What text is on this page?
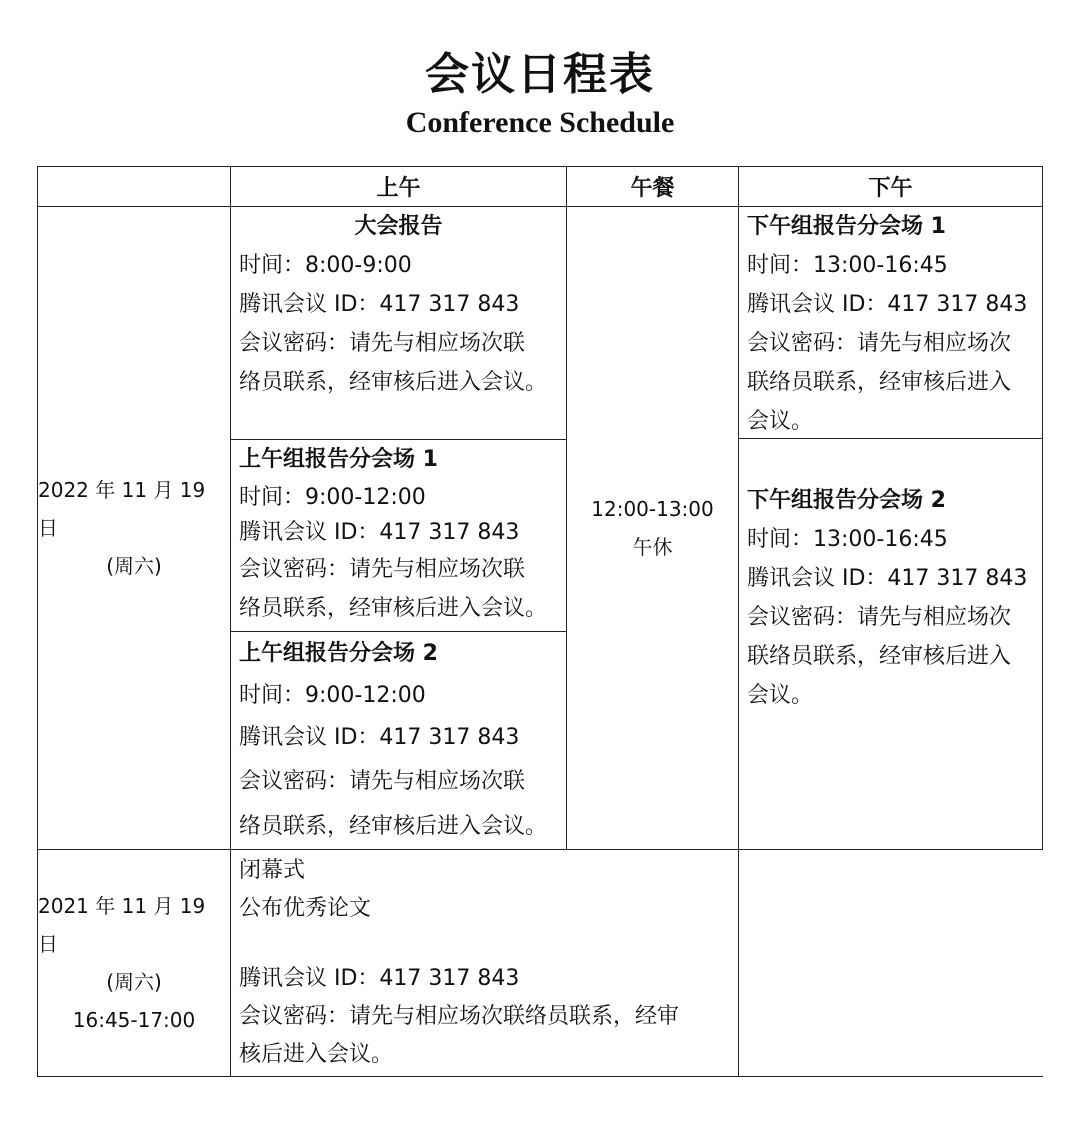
会议日程表
Conference Schedule
上午	午餐	下午
2022 年 11 月 19 日
(周六)
大会报告
时间：8:00-9:00
腾讯会议 ID：417 317 843
会议密码：请先与相应场次联
络员联系，经审核后进入会议。
上午组报告分会场 1
时间：9:00-12:00
腾讯会议 ID：417 317 843
会议密码：请先与相应场次联
络员联系，经审核后进入会议。
上午组报告分会场 2
时间：9:00-12:00
腾讯会议 ID：417 317 843
会议密码：请先与相应场次联
络员联系，经审核后进入会议。
12:00-13:00
午休
下午组报告分会场 1
时间：13:00-16:45
腾讯会议 ID：417 317 843
会议密码：请先与相应场次
联络员联系，经审核后进入
会议。
下午组报告分会场 2
时间：13:00-16:45
腾讯会议 ID：417 317 843
会议密码：请先与相应场次
联络员联系，经审核后进入
会议。
2021 年 11 月 19 日
(周六)
16:45-17:00
闭幕式
公布优秀论文
腾讯会议 ID：417 317 843
会议密码：请先与相应场次联络员联系，经审
核后进入会议。
